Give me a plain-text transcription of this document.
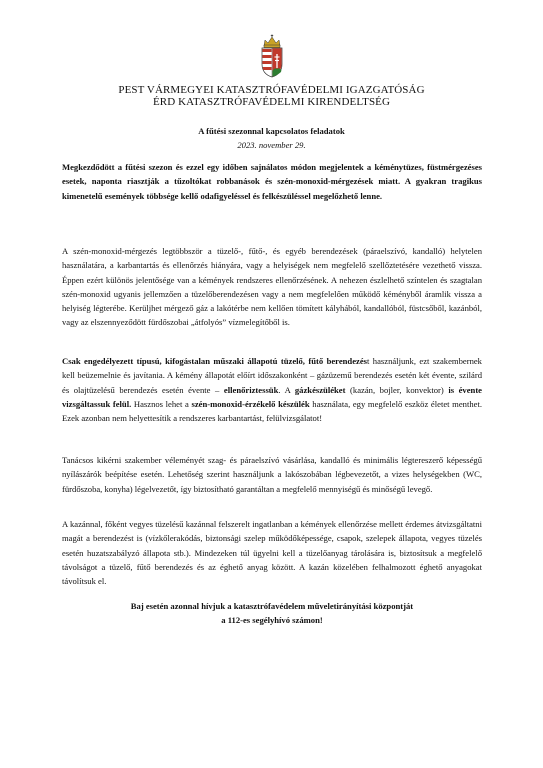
PEST VÁRMEGYEI KATASZTRÓFAVÉDELMI IGAZGATÓSÁG
ÉRD KATASZTRÓFAVÉDELMI KIRENDELTSÉG
A fűtési szezonnal kapcsolatos feladatok
2023. november 29.

Megkezdődött a fűtési szezon és ezzel egy időben sajnálatos módon megjelentek a kéménytüzes, füstmérgezéses esetek, naponta riasztják a tűzoltókat robbanások és szén-monoxid-mérgezések miatt. A gyakran tragikus kimenetelű események többsége kellő odafigyeléssel és felkészüléssel megelőzhető lenne.

A szén-monoxid-mérgezés legtöbbször a tüzelő-, fűtő-, és egyéb berendezések (páraelszívó, kandalló) helytelen használatára, a karbantartás és ellenőrzés hiányára, vagy a helyiségek nem megfelelő szellőztetésére vezethető vissza. Éppen ezért különös jelentősége van a kémények rendszeres ellenőrzésének. A nehezen észlelhető színtelen és szagtalan szén-monoxid ugyanis jellemzően a tüzelőberendezésen vagy a nem megfelelően működő kéményből áramlik vissza a helyiség légterébe. Kerüljhet mérgező gáz a lakótérbe nem kellően tömített kályhából, kandallóból, füstcsőből, kazánból, vagy az elszennyeződött fürdőszobai „átfolyós” vízmelegítőből is.

Csak engedélyezett típusú, kifogástalan műszaki állapotú tüzelő, fűtő berendezést használjunk, ezt szakembernek kell beüzemelnie és javítania. A kémény állapotát előírt időszakonként – gázüzemű berendezés esetén két évente, szilárd és olajtüzelésű berendezés esetén évente – ellenőriztessük. A gázkészüléket (kazán, bojler, konvektor) is évente vizsgáltassuk felül. Hasznos lehet a szén-monoxid-érzékelő készülék használata, egy megfelelő eszköz életet menthet. Ezek azonban nem helyettesítik a rendszeres karbantartást, felülvizsgálatot!

Tanácsos kikérni szakember véleményét szag- és páraelszívó vásárlása, kandalló és minimális légtereszerő képességű nyílászárók beépítése esetén. Lehetőség szerint használjunk a lakószobában légbevezetőt, a vizes helységekben (WC, fürdőszoba, konyha) légelvezetőt, így biztosítható garantáltan a megfelelő mennyiségű és minőségű levegő.

A kazánnal, főként vegyes tüzelésű kazánnal felszerelt ingatlanban a kémények ellenőrzése mellett érdemes átvizsgáltatni magát a berendezést is (vízkőlerakódás, biztonsági szelep működőképessége, csapok, szelepek állapota, vegyes tüzelés esetén huzatszabályzó állapota stb.). Mindezeken túl ügyelni kell a tüzelőanyag tárolására is, biztosítsuk a megfelelő távolságot a tüzelő, fűtő berendezés és az éghető anyag között. A kazán közelében felhalmozott éghető anyagokat távolítsuk el.

Baj esetén azonnal hívjuk a katasztrófavédelem műveletirányítási központját
a 112-es segélyhívó számon!
